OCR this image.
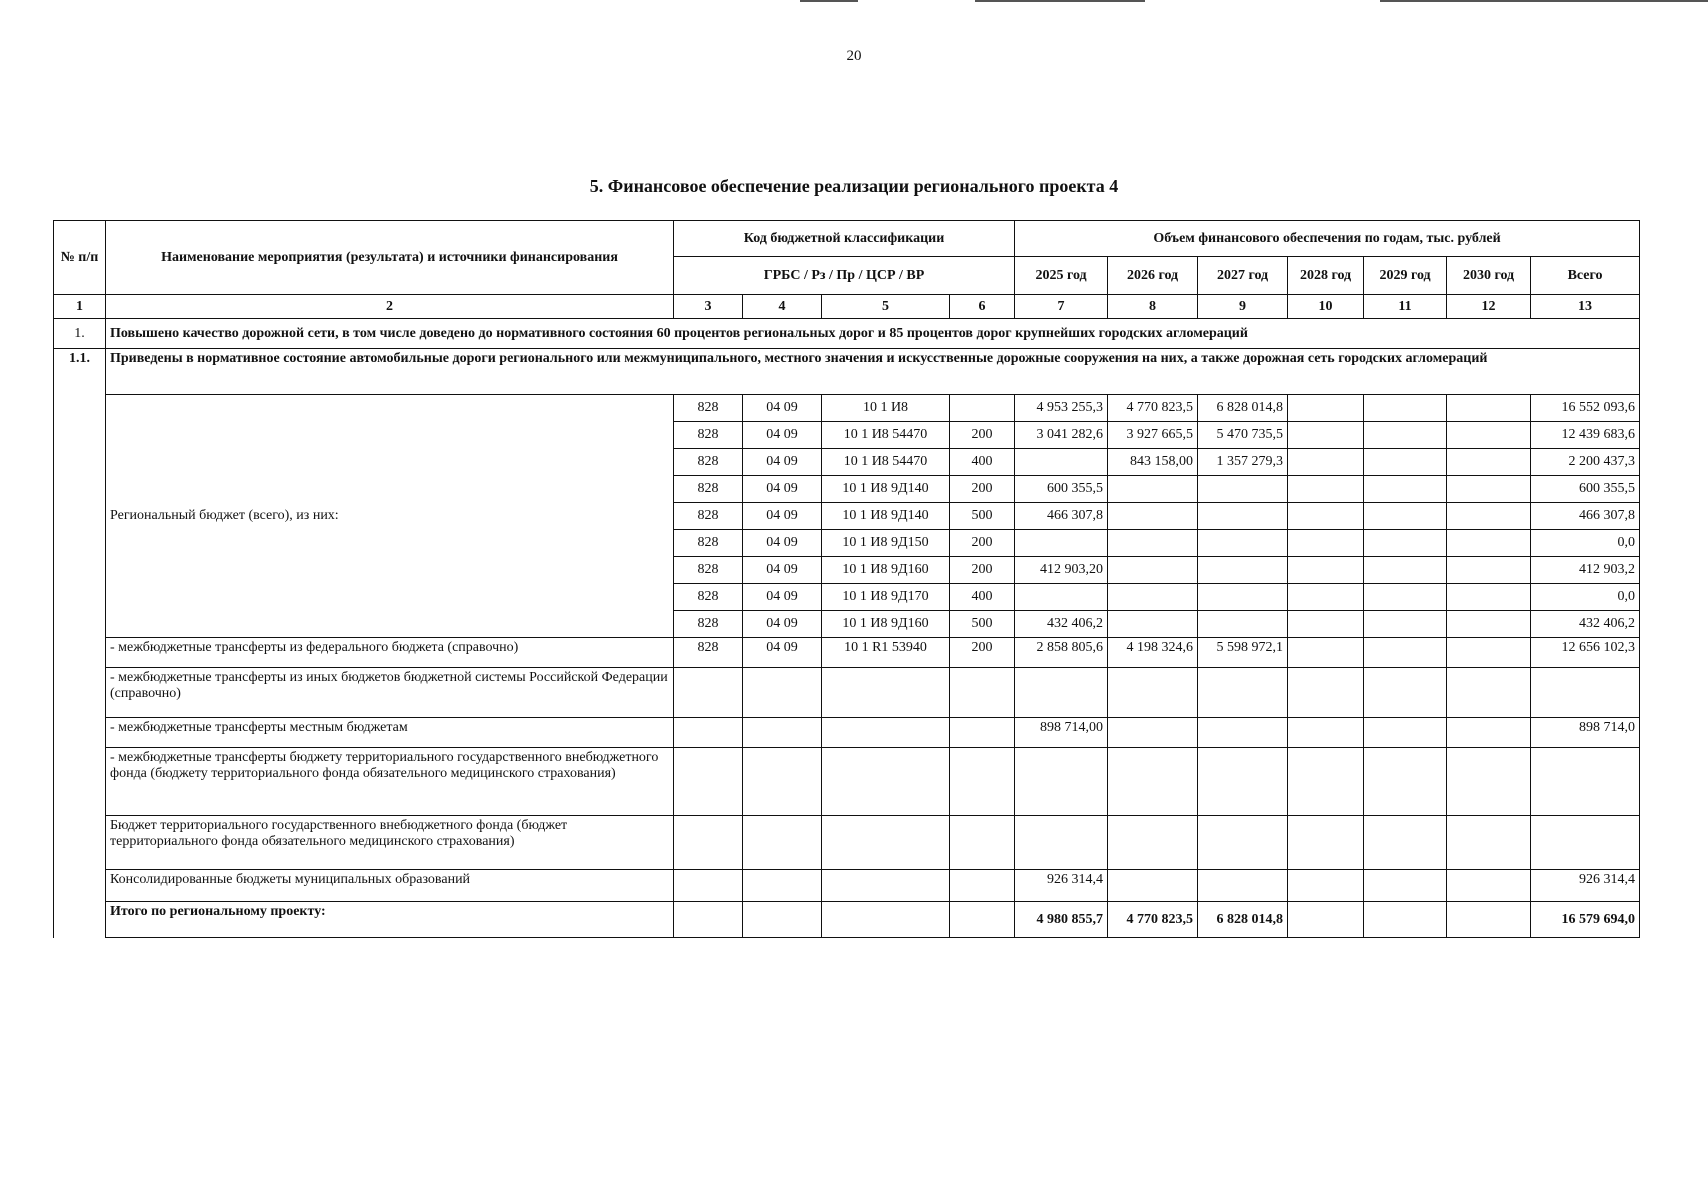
20
5. Финансовое обеспечение реализации регионального проекта 4
№ п/п	Наименование мероприятия (результата) и источники финансирования	Код бюджетной классификации				Объем финансового обеспечения по годам, тыс. рублей						
		ГРБС / Рз / Пр / ЦСР / ВР				2025 год	2026 год	2027 год	2028 год	2029 год	2030 год	Всего
1	2	3	4	5	6	7	8	9	10	11	12	13
1.	Повышено качество дорожной сети, в том числе доведено до нормативного состояния 60 процентов региональных дорог и 85 процентов дорог крупнейших городских агломераций											
1.1.	Приведены в нормативное состояние автомобильные дороги регионального или межмуниципального, местного значения и искусственные дорожные сооружения на них, а также дорожная сеть городских агломераций											
	Региональный бюджет (всего), из них:	828	04 09	10 1 И8		4 953 255,3	4 770 823,5	6 828 014,8				16 552 093,6
		828	04 09	10 1 И8 54470	200	3 041 282,6	3 927 665,5	5 470 735,5				12 439 683,6
		828	04 09	10 1 И8 54470	400		843 158,00	1 357 279,3				2 200 437,3
		828	04 09	10 1 И8 9Д140	200	600 355,5						600 355,5
		828	04 09	10 1 И8 9Д140	500	466 307,8						466 307,8
		828	04 09	10 1 И8 9Д150	200							0,0
		828	04 09	10 1 И8 9Д160	200	412 903,20						412 903,2
		828	04 09	10 1 И8 9Д170	400							0,0
		828	04 09	10 1 И8 9Д160	500	432 406,2						432 406,2
	- межбюджетные трансферты из федерального бюджета (справочно)	828	04 09	10 1 R1 53940	200	2 858 805,6	4 198 324,6	5 598 972,1				12 656 102,3
	- межбюджетные трансферты из иных бюджетов бюджетной системы Российской Федерации (справочно)											
	- межбюджетные трансферты местным бюджетам					898 714,00						898 714,0
	- межбюджетные трансферты бюджету территориального государственного внебюджетного фонда (бюджету территориального фонда обязательного медицинского страхования)											
	Бюджет территориального государственного внебюджетного фонда (бюджет территориального фонда обязательного медицинского страхования)											
	Консолидированные бюджеты муниципальных образований					926 314,4						926 314,4
	Итого по региональному проекту:					4 980 855,7	4 770 823,5	6 828 014,8				16 579 694,0
